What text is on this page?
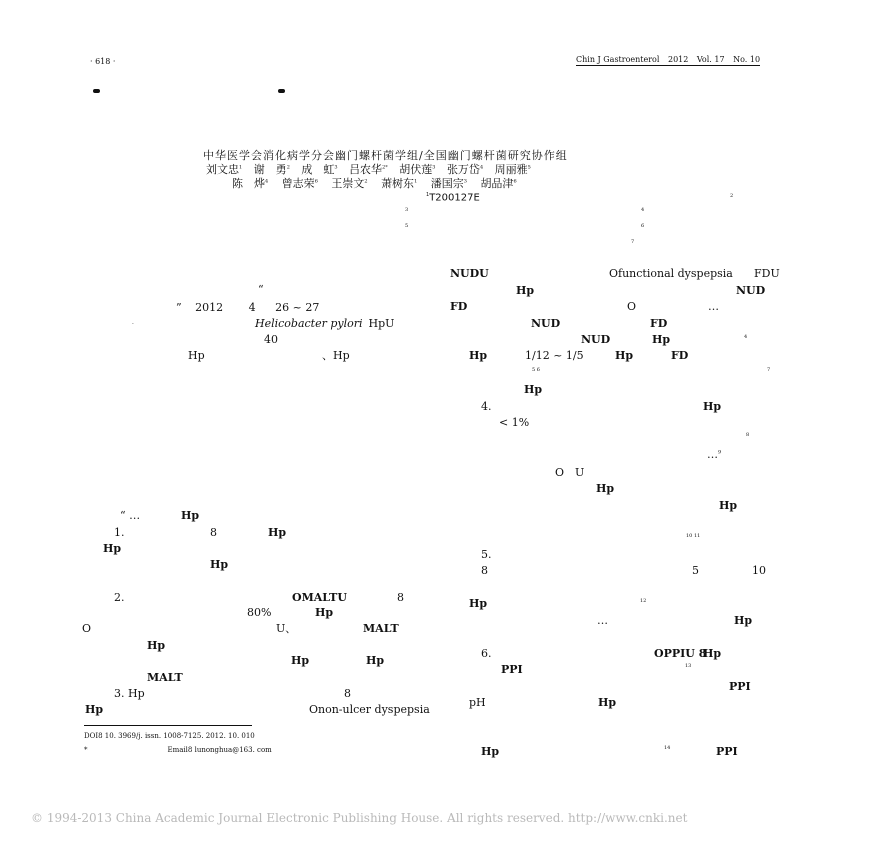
· 618 ·	Chin J Gastroenterol 2012 Vol. 17 No. 10
中华医学会消化病学分会幽门螺杆菌学组/全国幽门螺杆菌研究协作组
刘文忠$^1$ 谢　勇$^2$ 成　虹$^3$ 吕农华$^{2*}$ 胡伏莲$^3$ 张万岱$^4$ 周丽雅$^5$
陈　烨$^4$ 曾志荣$^6$ 王崇文$^2$ 萧树东$^1$ 潘国宗$^3$ 胡品津$^6$
$^1$T200127E	2
3	4
5	6
7
“
” 2012 4 26 ~ 27
-	Helicobacter pylori HpU
40
Hp	、Hp
“ …	Hp
1.	8	Hp
Hp
Hp
2.	OMALTU	8
80%	Hp
O	U、	MALT
Hp
Hp	Hp
MALT
3. Hp	8
Hp	Onon-ulcer dyspepsia
DOI8 10. 3969/j. issn. 1008-7125. 2012. 10. 010
*	Email8 lunonghua@163. com
NUDU	Ofunctional dyspepsia FDU
Hp	NUD
FD	O	…
NUD	FD
NUD	Hp	4
Hp	1/12 ~ 1/5	Hp	FD
5 6	7
Hp
4.	Hp
< 1%
8
…$^9$
O　U
Hp
Hp
10 11
5.
8	5	10
Hp	12
…	Hp
6.	OPPIU 8
Hp
PPI	13
PPI
pH	Hp
Hp	14	PPI
© 1994-2013 China Academic Journal Electronic Publishing House. All rights reserved. http://www.cnki.net
